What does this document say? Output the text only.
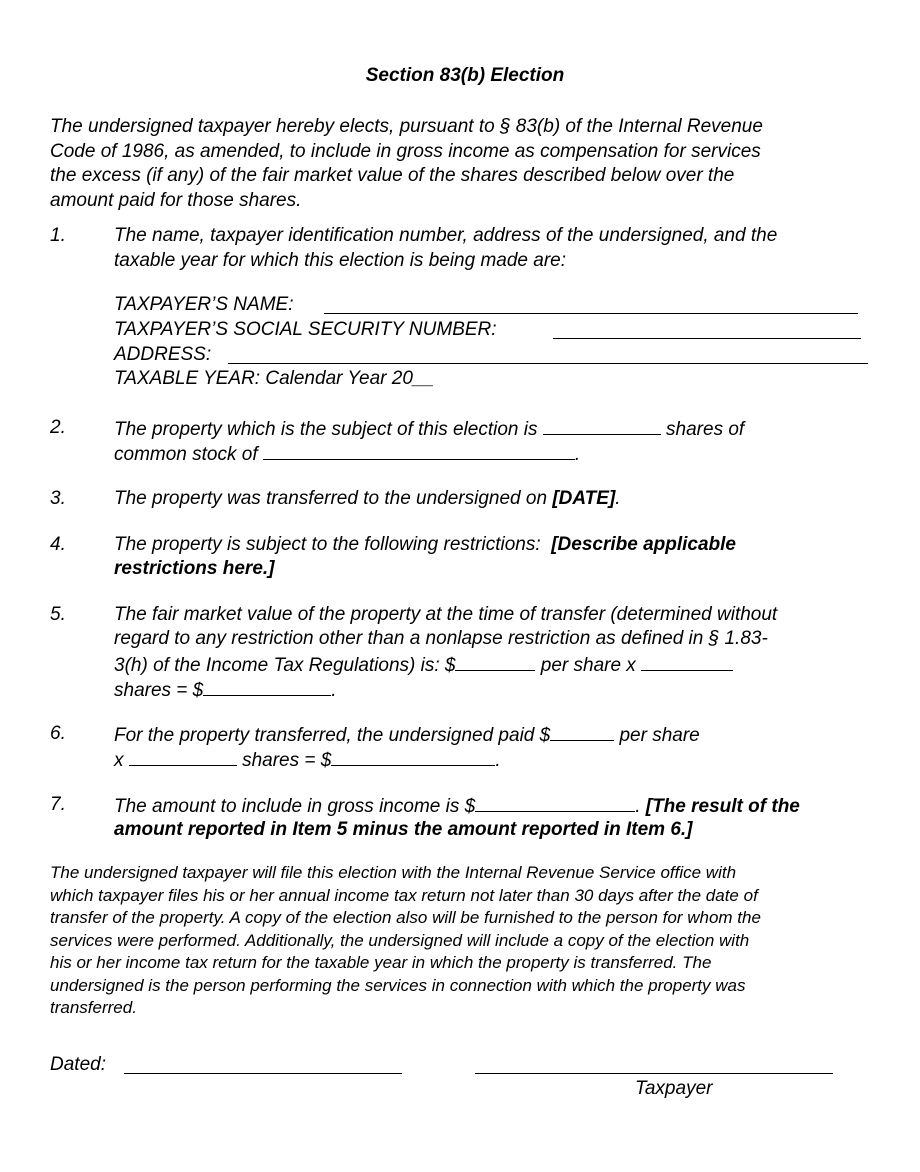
Section 83(b) Election
The undersigned taxpayer hereby elects, pursuant to § 83(b) of the Internal Revenue
Code of 1986, as amended, to include in gross income as compensation for services
the excess (if any) of the fair market value of the shares described below over the
amount paid for those shares.
1.	The name, taxpayer identification number, address of the undersigned, and the
taxable year for which this election is being made are:
TAXPAYER’S NAME:
TAXPAYER’S SOCIAL SECURITY NUMBER:
ADDRESS:
TAXABLE YEAR: Calendar Year 20__
2.	The property which is the subject of this election is	shares of
common stock of	.
3.	The property was transferred to the undersigned on [DATE].
4.	The property is subject to the following restrictions: [Describe applicable
restrictions here.]
5.	The fair market value of the property at the time of transfer (determined without
regard to any restriction other than a nonlapse restriction as defined in § 1.83-
3(h) of the Income Tax Regulations) is: $	per share x
shares = $	.
6.	For the property transferred, the undersigned paid $	per share
x	shares = $	.
7.	The amount to include in gross income is $	. [The result of the
amount reported in Item 5 minus the amount reported in Item 6.]
The undersigned taxpayer will file this election with the Internal Revenue Service office with
which taxpayer files his or her annual income tax return not later than 30 days after the date of
transfer of the property. A copy of the election also will be furnished to the person for whom the
services were performed. Additionally, the undersigned will include a copy of the election with
his or her income tax return for the taxable year in which the property is transferred. The
undersigned is the person performing the services in connection with which the property was
transferred.
Dated:
Taxpayer
